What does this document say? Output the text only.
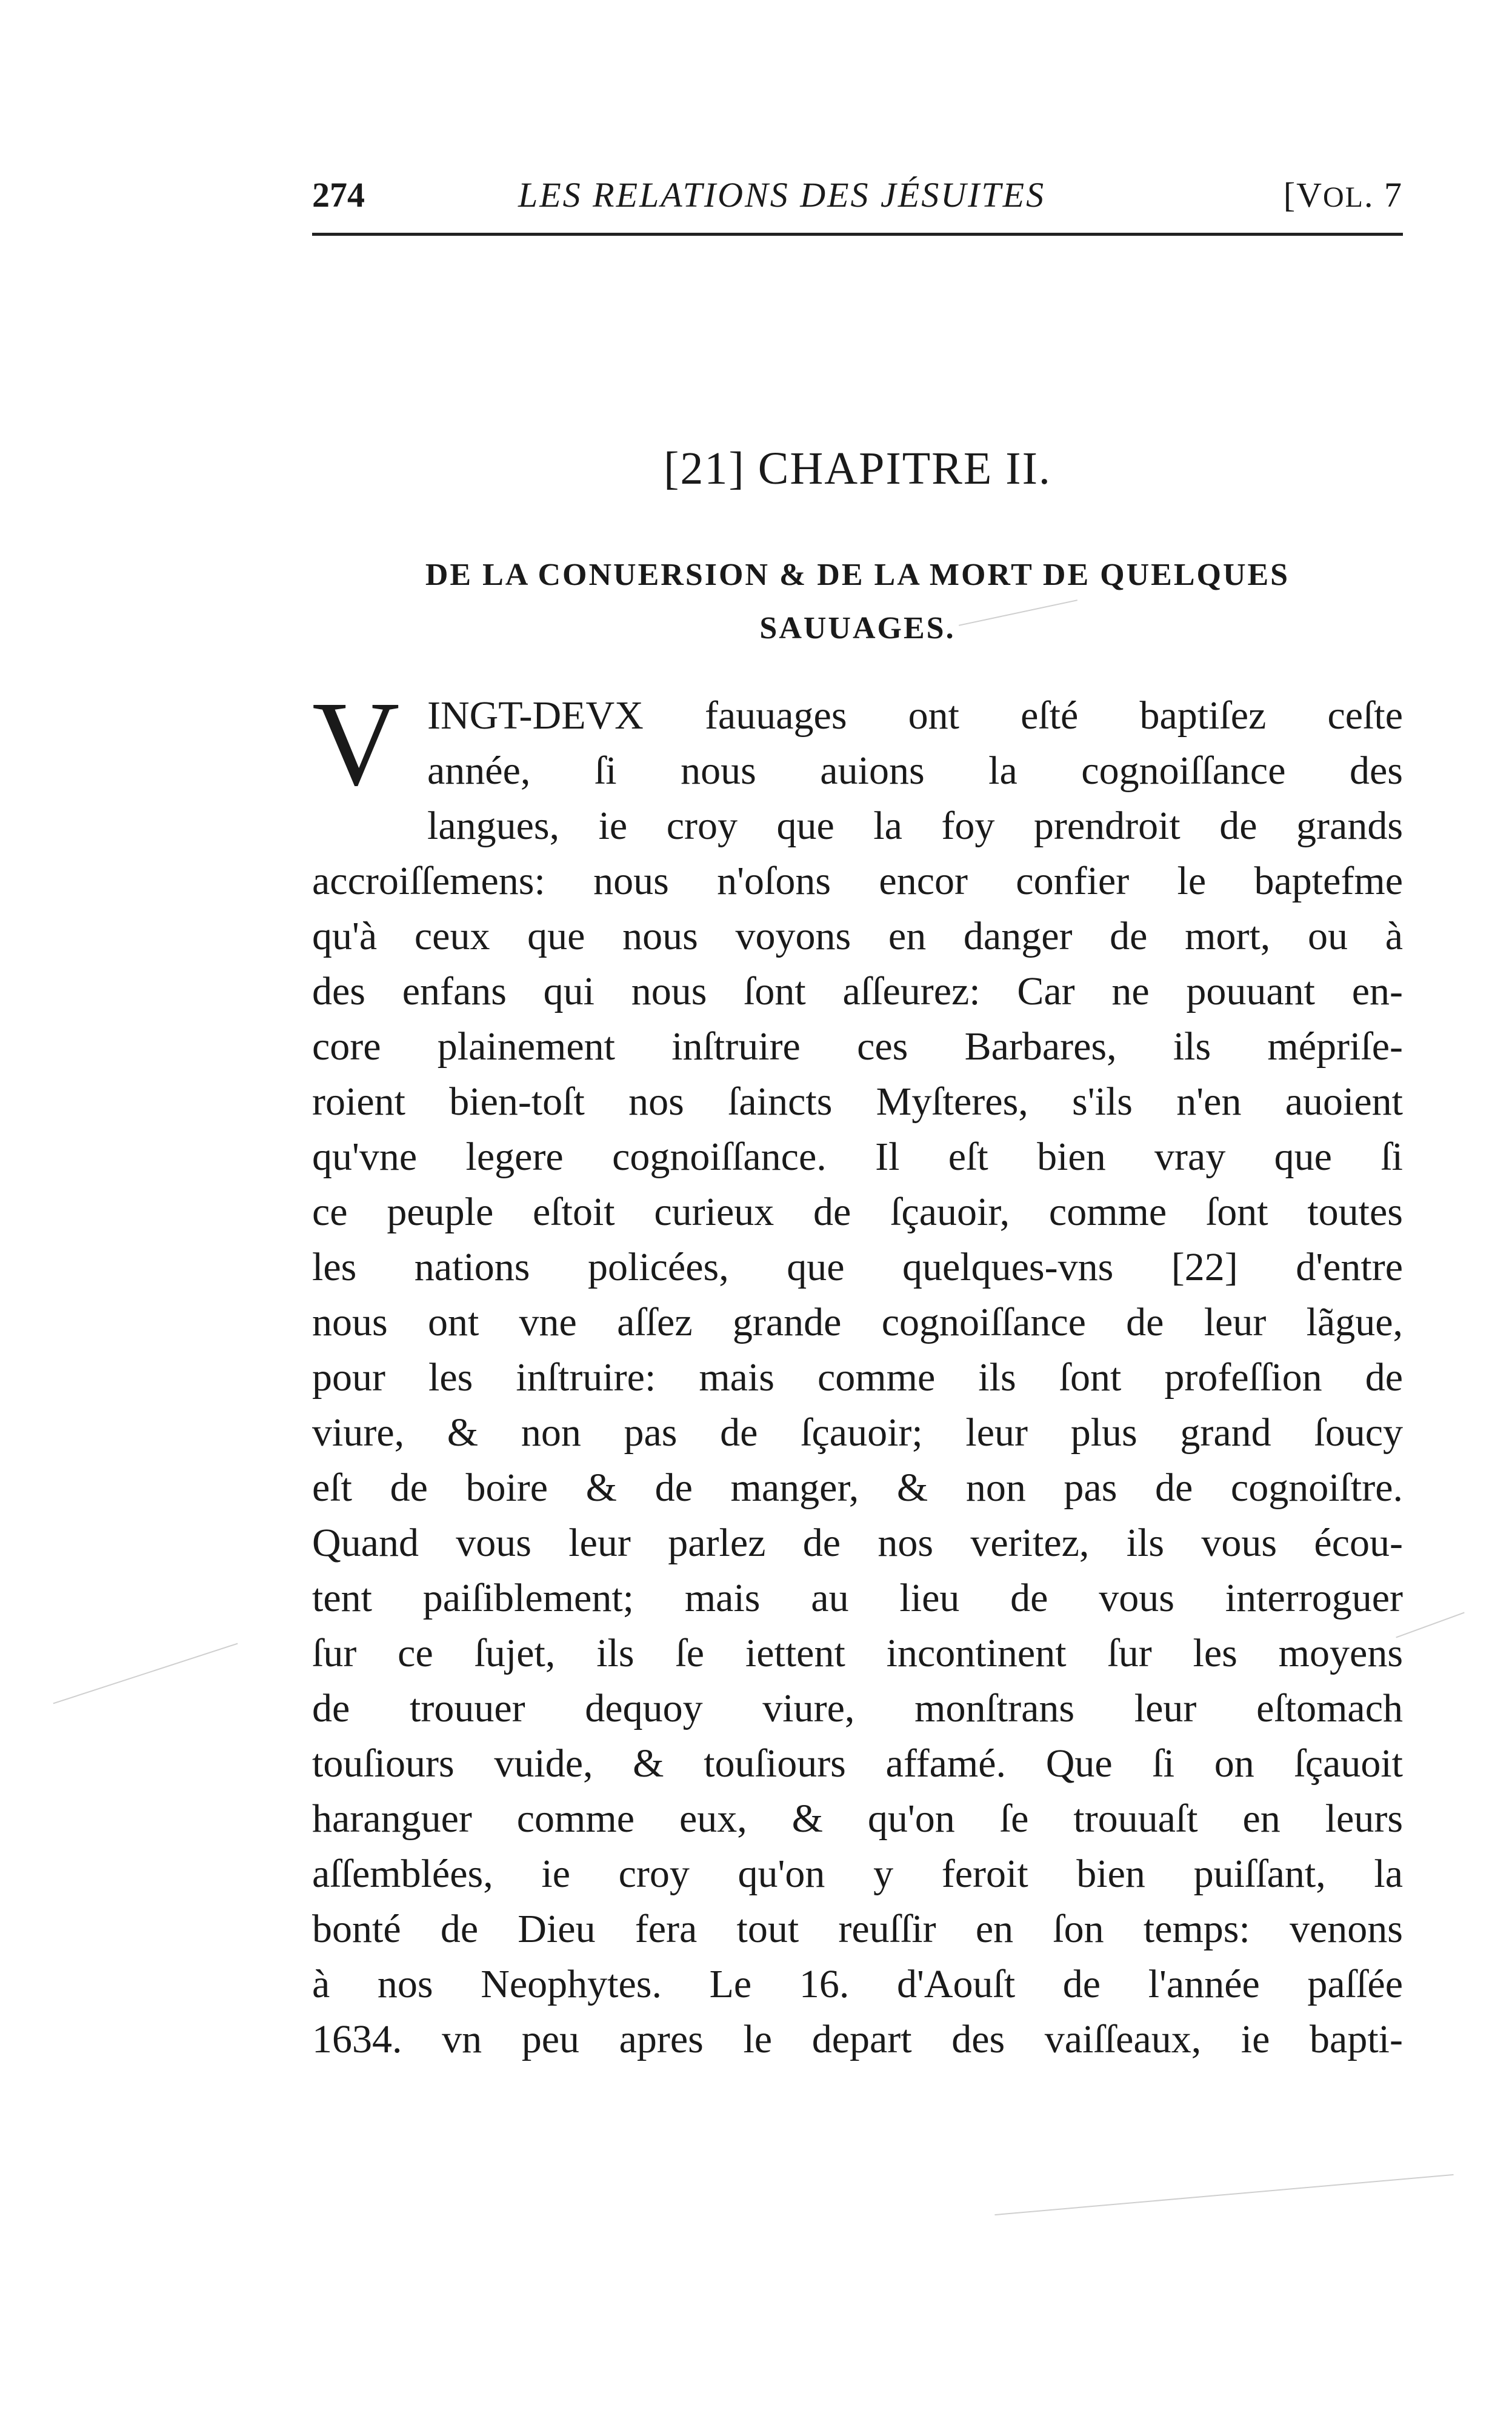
274	LES RELATIONS DES JÉSUITES	[VOL. 7
[21] CHAPITRE II.
DE LA CONUERSION & DE LA MORT DE QUELQUES
SAUUAGES.
V INGT-DEVX fauuages ont eſté baptiſez ceſte
année, ſi nous auions la cognoiſſance des
langues, ie croy que la foy prendroit de grands
accroiſſemens: nous n'oſons encor confier le baptefme
qu'à ceux que nous voyons en danger de mort, ou à
des enfans qui nous ſont aſſeurez: Car ne pouuant en-
core plainement inſtruire ces Barbares, ils mépriſe-
roient bien-toſt nos ſaincts Myſteres, s'ils n'en auoient
qu'vne legere cognoiſſance. Il eſt bien vray que ſi
ce peuple eſtoit curieux de ſçauoir, comme ſont toutes
les nations policées, que quelques-vns [22] d'entre
nous ont vne aſſez grande cognoiſſance de leur lãgue,
pour les inſtruire: mais comme ils ſont profeſſion de
viure, & non pas de ſçauoir; leur plus grand ſoucy
eſt de boire & de manger, & non pas de cognoiſtre.
Quand vous leur parlez de nos veritez, ils vous écou-
tent paiſiblement; mais au lieu de vous interroguer
ſur ce ſujet, ils ſe iettent incontinent ſur les moyens
de trouuer dequoy viure, monſtrans leur eſtomach
touſiours vuide, & touſiours affamé. Que ſi on ſçauoit
haranguer comme eux, & qu'on ſe trouuaſt en leurs
aſſemblées, ie croy qu'on y feroit bien puiſſant, la
bonté de Dieu fera tout reuſſir en ſon temps: venons
à nos Neophytes. Le 16. d'Aouſt de l'année paſſée
1634. vn peu apres le depart des vaiſſeaux, ie bapti-
